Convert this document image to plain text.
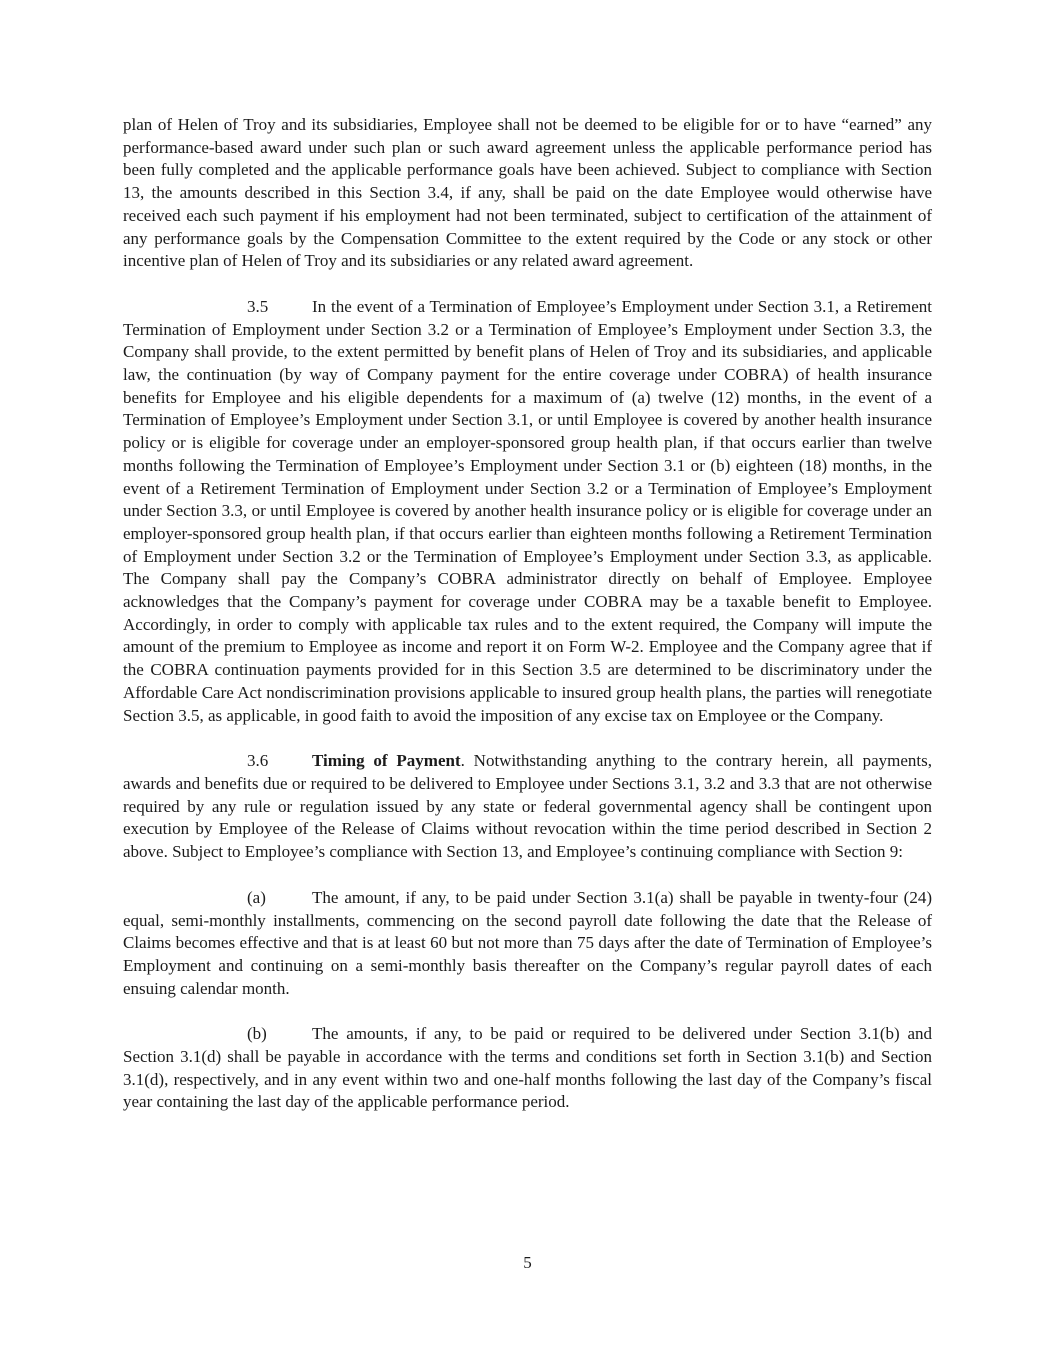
plan of Helen of Troy and its subsidiaries, Employee shall not be deemed to be eligible for or to have “earned” any performance-based award under such plan or such award agreement unless the applicable performance period has been fully completed and the applicable performance goals have been achieved. Subject to compliance with Section 13, the amounts described in this Section 3.4, if any, shall be paid on the date Employee would otherwise have received each such payment if his employment had not been terminated, subject to certification of the attainment of any performance goals by the Compensation Committee to the extent required by the Code or any stock or other incentive plan of Helen of Troy and its subsidiaries or any related award agreement.

3.5	In the event of a Termination of Employee’s Employment under Section 3.1, a Retirement Termination of Employment under Section 3.2 or a Termination of Employee’s Employment under Section 3.3, the Company shall provide, to the extent permitted by benefit plans of Helen of Troy and its subsidiaries, and applicable law, the continuation (by way of Company payment for the entire coverage under COBRA) of health insurance benefits for Employee and his eligible dependents for a maximum of (a) twelve (12) months, in the event of a Termination of Employee’s Employment under Section 3.1, or until Employee is covered by another health insurance policy or is eligible for coverage under an employer-sponsored group health plan, if that occurs earlier than twelve months following the Termination of Employee’s Employment under Section 3.1 or (b) eighteen (18) months, in the event of a Retirement Termination of Employment under Section 3.2 or a Termination of Employee’s Employment under Section 3.3, or until Employee is covered by another health insurance policy or is eligible for coverage under an employer-sponsored group health plan, if that occurs earlier than eighteen months following a Retirement Termination of Employment under Section 3.2 or the Termination of Employee’s Employment under Section 3.3, as applicable. The Company shall pay the Company’s COBRA administrator directly on behalf of Employee. Employee acknowledges that the Company’s payment for coverage under COBRA may be a taxable benefit to Employee. Accordingly, in order to comply with applicable tax rules and to the extent required, the Company will impute the amount of the premium to Employee as income and report it on Form W-2. Employee and the Company agree that if the COBRA continuation payments provided for in this Section 3.5 are determined to be discriminatory under the Affordable Care Act nondiscrimination provisions applicable to insured group health plans, the parties will renegotiate Section 3.5, as applicable, in good faith to avoid the imposition of any excise tax on Employee or the Company.

3.6	Timing of Payment. Notwithstanding anything to the contrary herein, all payments, awards and benefits due or required to be delivered to Employee under Sections 3.1, 3.2 and 3.3 that are not otherwise required by any rule or regulation issued by any state or federal governmental agency shall be contingent upon execution by Employee of the Release of Claims without revocation within the time period described in Section 2 above. Subject to Employee’s compliance with Section 13, and Employee’s continuing compliance with Section 9:

(a)	The amount, if any, to be paid under Section 3.1(a) shall be payable in twenty-four (24) equal, semi-monthly installments, commencing on the second payroll date following the date that the Release of Claims becomes effective and that is at least 60 but not more than 75 days after the date of Termination of Employee’s Employment and continuing on a semi-monthly basis thereafter on the Company’s regular payroll dates of each ensuing calendar month.

(b)	The amounts, if any, to be paid or required to be delivered under Section 3.1(b) and Section 3.1(d) shall be payable in accordance with the terms and conditions set forth in Section 3.1(b) and Section 3.1(d), respectively, and in any event within two and one-half months following the last day of the Company’s fiscal year containing the last day of the applicable performance period.

5
